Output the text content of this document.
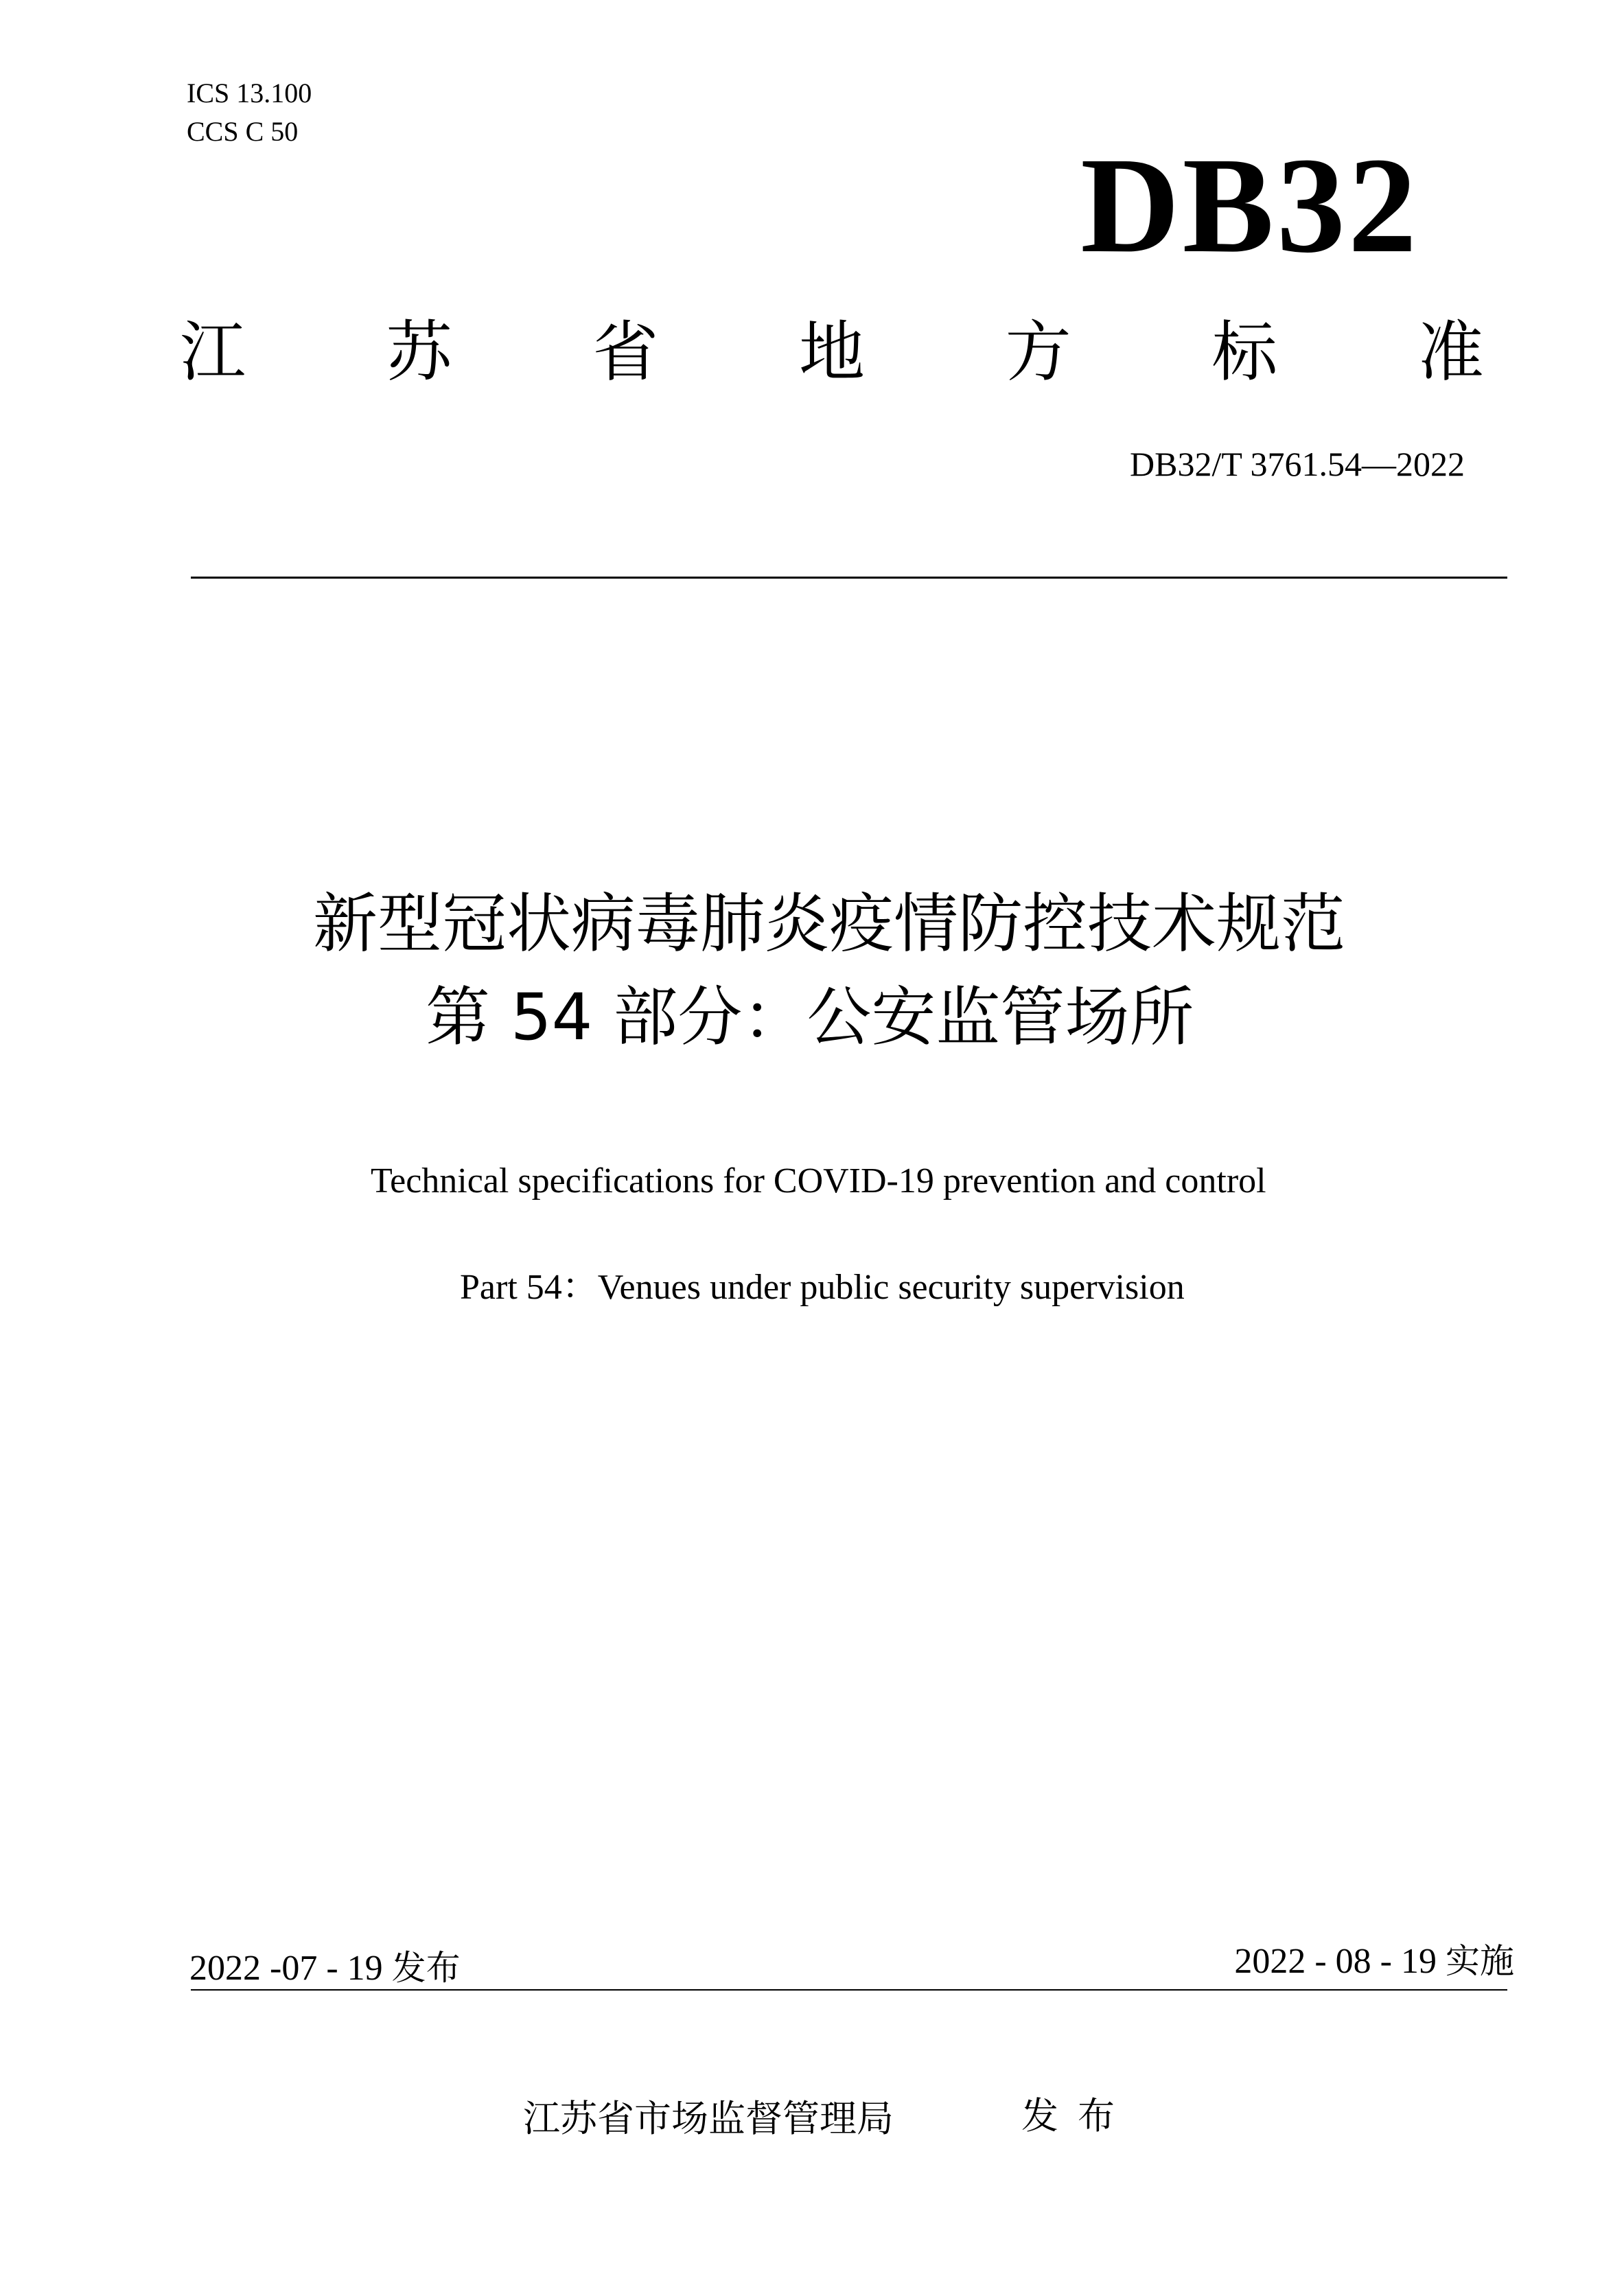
ICS 13.100
CCS C 50	DB32
江 苏 省 地 方 标 准
DB32/T 3761.54—2022
新型冠状病毒肺炎疫情防控技术规范
第 54 部分：公安监管场所
Technical specifications for COVID-19 prevention and control
Part 54：Venues under public security supervision
2022 -07 - 19 发布	2022 - 08 - 19 实施
江苏省市场监督管理局	发布
